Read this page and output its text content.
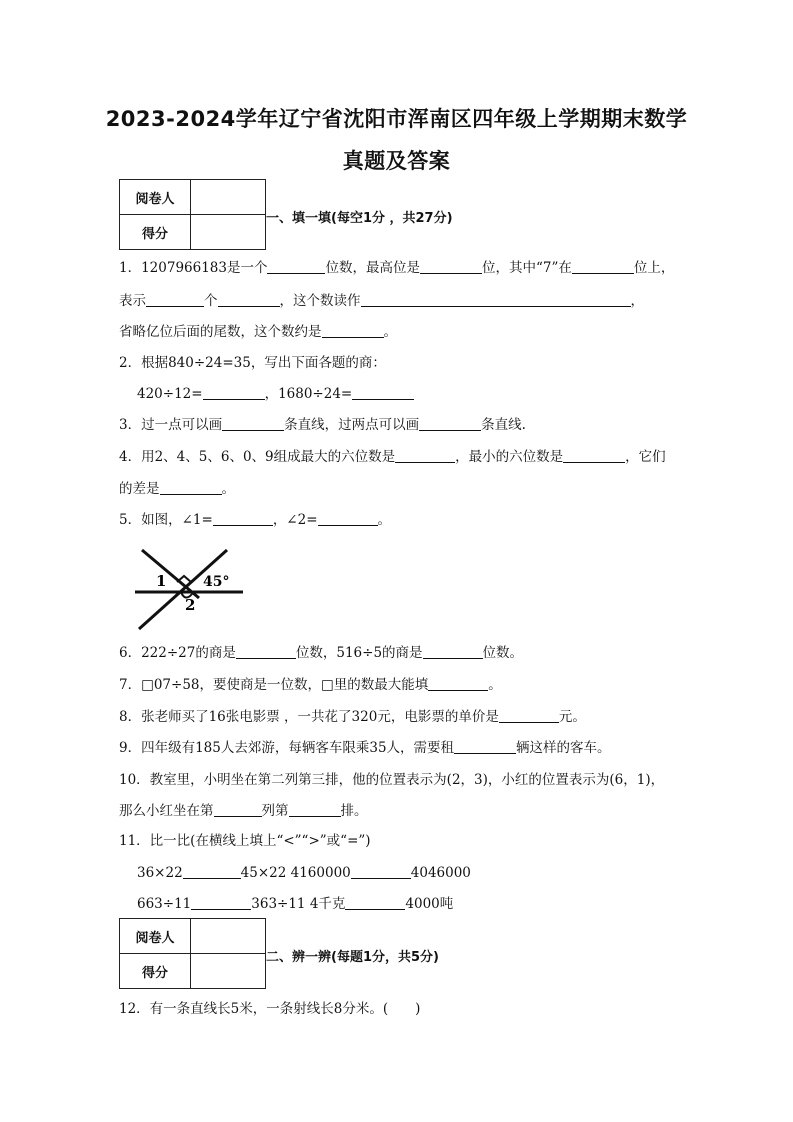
2023-2024学年辽宁省沈阳市浑南区四年级上学期期末数学
真题及答案
阅卷人	
得分	
一、填一填(每空1分 ，共27分)
1．1207966183是一个	位数，最高位是	位，其中“7”在	位上，
表示	个	，这个数读作	，
省略亿位后面的尾数，这个数约是	。
2．根据840÷24=35，写出下面各题的商：
420÷12=	，1680÷24=
3．过一点可以画	条直线，过两点可以画	条直线.
4．用2、4、5、6、0、9组成最大的六位数是	，最小的六位数是	，它们
的差是	。
5．如图，∠1=	，∠2=	。
1
2
45°
6．222÷27的商是	位数，516÷5的商是	位数。
7．□07÷58，要使商是一位数，□里的数最大能填	。
8．张老师买了16张电影票 ，一共花了320元，电影票的单价是	元。
9．四年级有185人去郊游，每辆客车限乘35人，需要租	辆这样的客车。
10．教室里，小明坐在第二列第三排，他的位置表示为(2，3)，小红的位置表示为(6，1)，
那么小红坐在第	列第	排。
11．比一比(在横线上填上“<”“>”或“=”)
36×22	45×22 4160000	4046000
663÷11	363÷11 4千克	4000吨
阅卷人	
得分	
二、辨一辨(每题1分，共5分)
12．有一条直线长5米，一条射线长8分米。(　　)
